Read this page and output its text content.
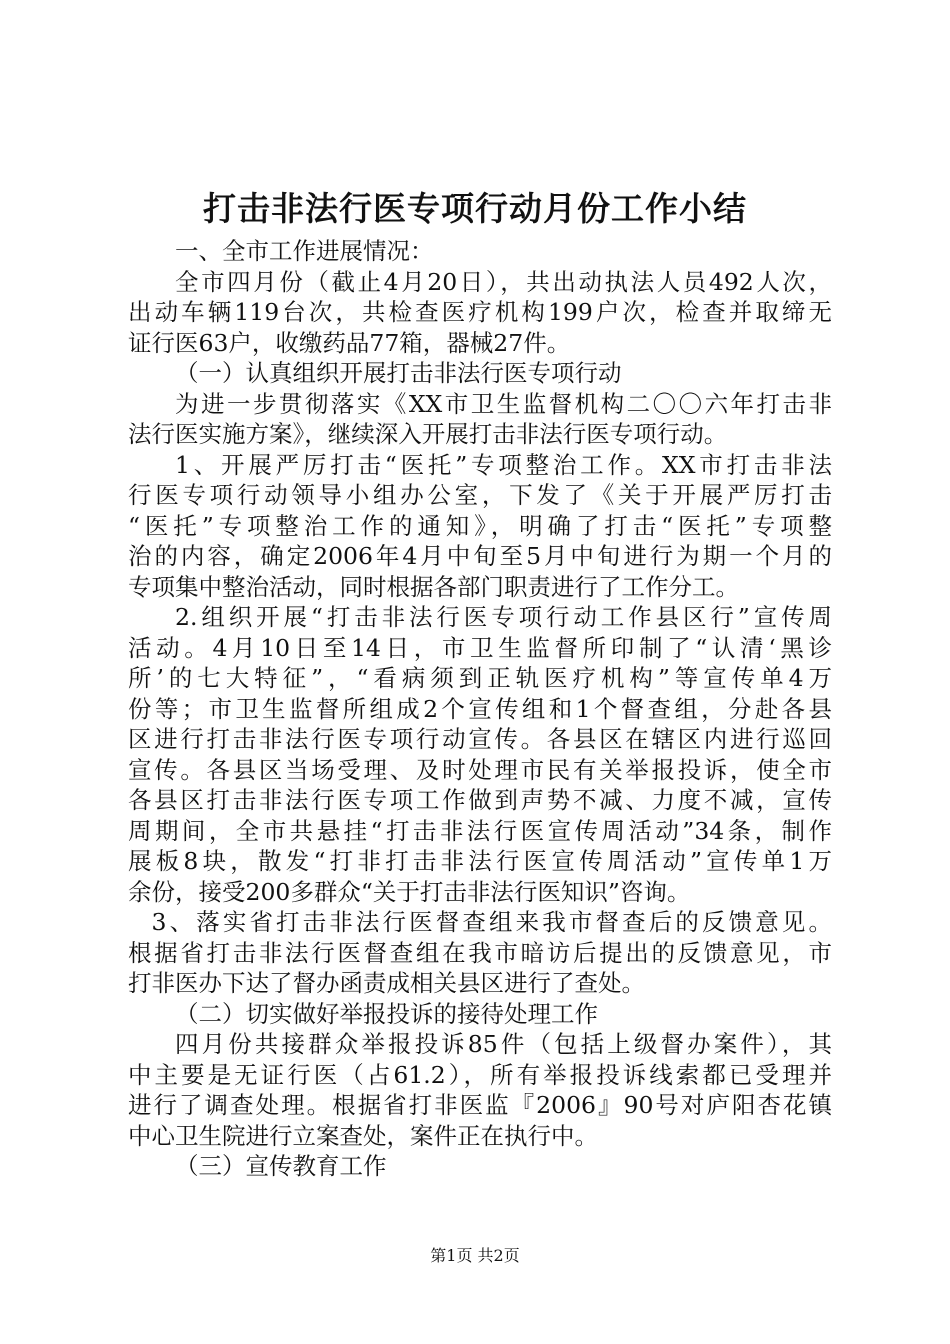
打击非法行医专项行动月份工作小结
一、全市工作进展情况：
全市四月份（截止4月20日），共出动执法人员492人次，
出动车辆119台次，共检查医疗机构199户次，检查并取缔无
证行医63户，收缴药品77箱，器械27件。
（一）认真组织开展打击非法行医专项行动
为进一步贯彻落实《XX市卫生监督机构二〇〇六年打击非
法行医实施方案》，继续深入开展打击非法行医专项行动。
1、开展严厉打击“医托”专项整治工作。XX市打击非法
行医专项行动领导小组办公室，下发了《关于开展严厉打击
“医托”专项整治工作的通知》，明确了打击“医托”专项整
治的内容，确定2006年4月中旬至5月中旬进行为期一个月的
专项集中整治活动，同时根据各部门职责进行了工作分工。
2.组织开展“打击非法行医专项行动工作县区行”宣传周
活动。4月10日至14日，市卫生监督所印制了“认清‘黑诊
所’的七大特征”，“看病须到正轨医疗机构”等宣传单4万
份等；市卫生监督所组成2个宣传组和1个督查组，分赴各县
区进行打击非法行医专项行动宣传。各县区在辖区内进行巡回
宣传。各县区当场受理、及时处理市民有关举报投诉，使全市
各县区打击非法行医专项工作做到声势不减、力度不减，宣传
周期间，全市共悬挂“打击非法行医宣传周活动”34条，制作
展板8块，散发“打非打击非法行医宣传周活动”宣传单1万
余份，接受200多群众“关于打击非法行医知识”咨询。
3、落实省打击非法行医督查组来我市督查后的反馈意见。
根据省打击非法行医督查组在我市暗访后提出的反馈意见，市
打非医办下达了督办函责成相关县区进行了查处。
（二）切实做好举报投诉的接待处理工作
四月份共接群众举报投诉85件（包括上级督办案件），其
中主要是无证行医（占61.2），所有举报投诉线索都已受理并
进行了调查处理。根据省打非医监『2006』90号对庐阳杏花镇
中心卫生院进行立案查处，案件正在执行中。
（三）宣传教育工作
第1页 共2页
